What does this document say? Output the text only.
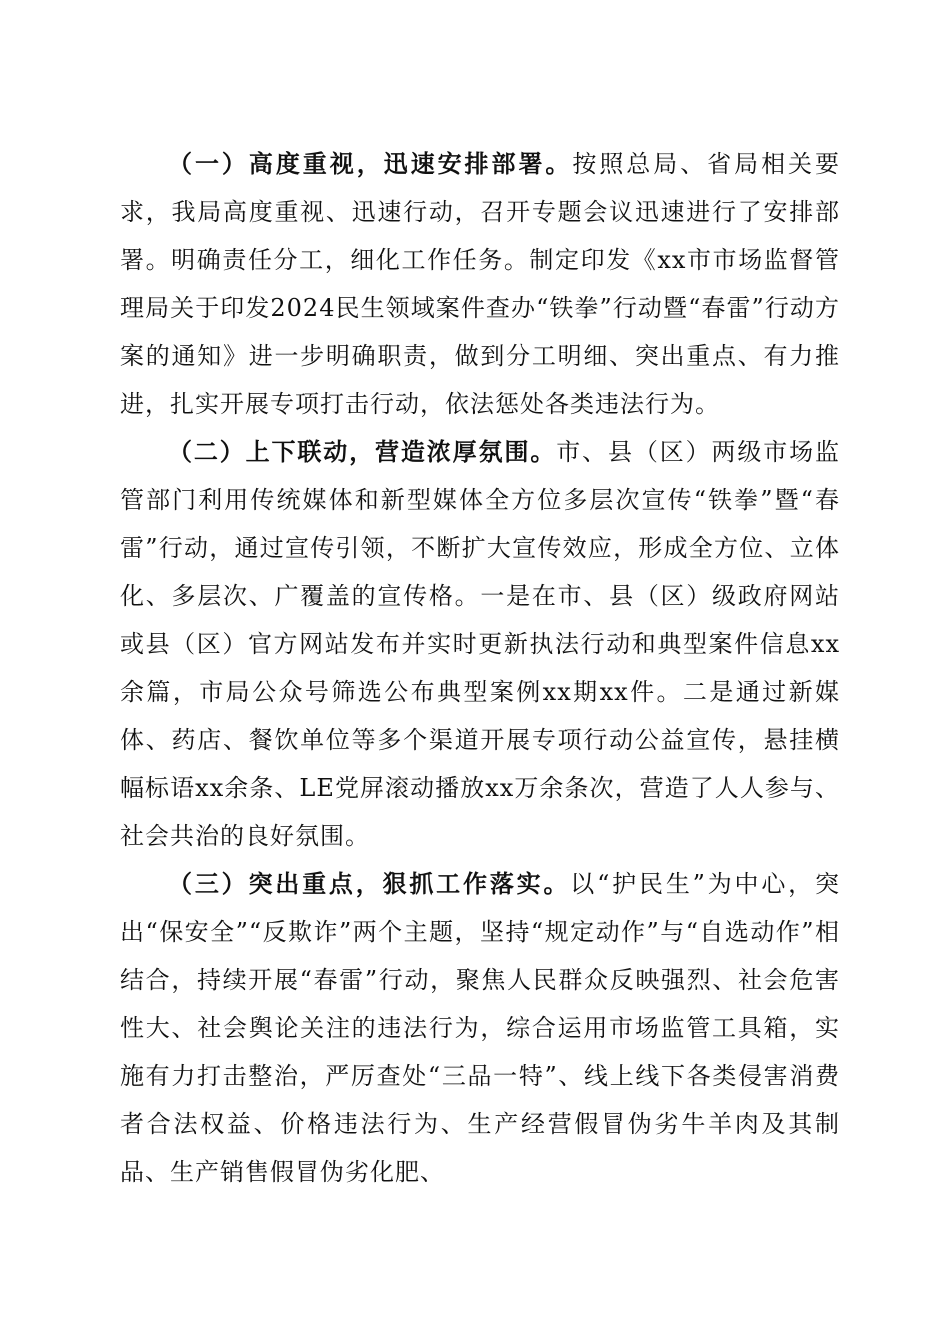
（一）高度重视，迅速安排部署。按照总局、省局相关要求，我局高度重视、迅速行动，召开专题会议迅速进行了安排部署。明确责任分工，细化工作任务。制定印发《xx市市场监督管理局关于印发2024民生领域案件查办“铁拳”行动暨“春雷”行动方案的通知》进一步明确职责，做到分工明细、突出重点、有力推进，扎实开展专项打击行动，依法惩处各类违法行为。

（二）上下联动，营造浓厚氛围。市、县（区）两级市场监管部门利用传统媒体和新型媒体全方位多层次宣传“铁拳”暨“春雷”行动，通过宣传引领，不断扩大宣传效应，形成全方位、立体化、多层次、广覆盖的宣传格。一是在市、县（区）级政府网站或县（区）官方网站发布并实时更新执法行动和典型案件信息xx余篇，市局公众号筛选公布典型案例xx期xx件。二是通过新媒体、药店、餐饮单位等多个渠道开展专项行动公益宣传，悬挂横幅标语xx余条、LE党屏滚动播放xx万余条次，营造了人人参与、社会共治的良好氛围。

（三）突出重点，狠抓工作落实。以“护民生”为中心，突出“保安全”“反欺诈”两个主题，坚持“规定动作”与“自选动作”相结合，持续开展“春雷”行动，聚焦人民群众反映强烈、社会危害性大、社会舆论关注的违法行为，综合运用市场监管工具箱，实施有力打击整治，严厉查处“三品一特”、线上线下各类侵害消费者合法权益、价格违法行为、生产经营假冒伪劣牛羊肉及其制品、生产销售假冒伪劣化肥、
